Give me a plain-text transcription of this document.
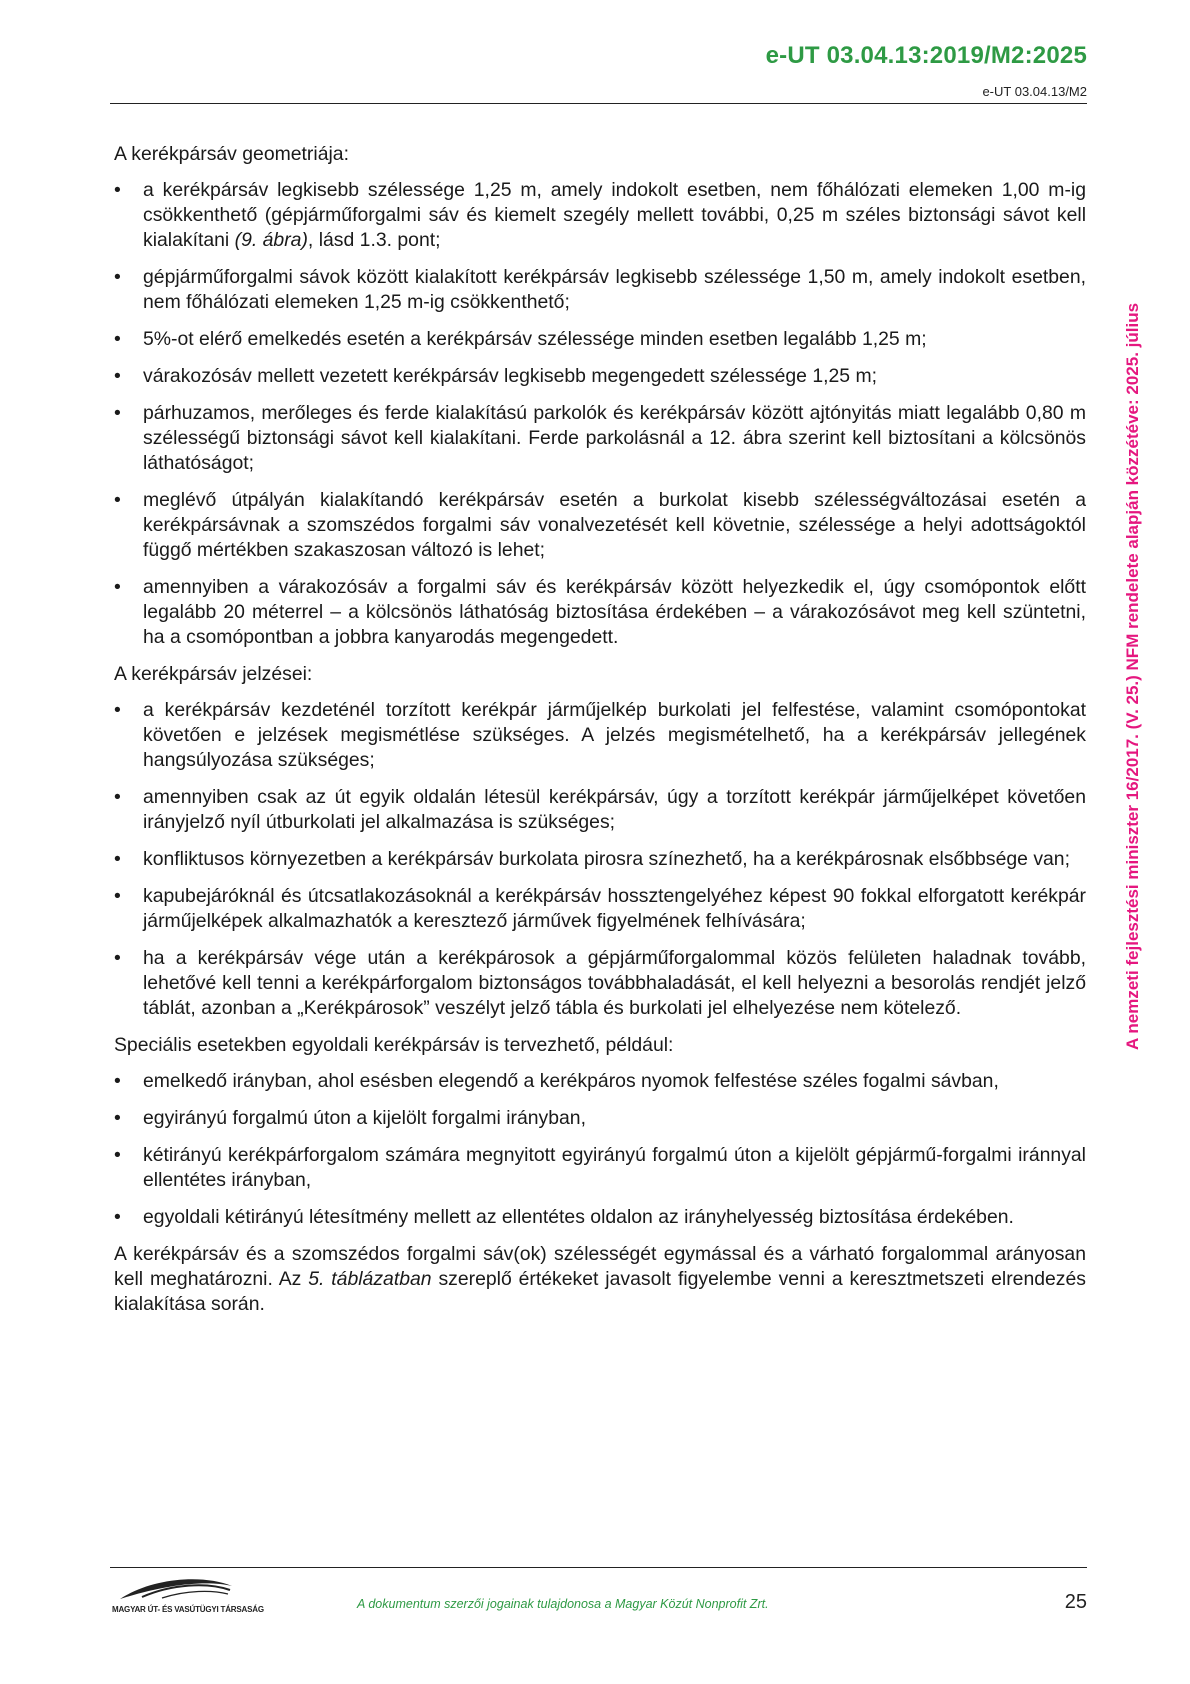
e-UT 03.04.13:2019/M2:2025
e-UT 03.04.13/M2
A nemzeti fejlesztési miniszter 16/2017. (V. 25.) NFM rendelete alapján közzétéve: 2025. július

A kerékpársáv geometriája:

• a kerékpársáv legkisebb szélessége 1,25 m, amely indokolt esetben, nem főhálózati elemeken 1,00 m-ig csökkenthető (gépjárműforgalmi sáv és kiemelt szegély mellett további, 0,25 m széles biztonsági sávot kell kialakítani (9. ábra), lásd 1.3. pont;
• gépjárműforgalmi sávok között kialakított kerékpársáv legkisebb szélessége 1,50 m, amely indokolt esetben, nem főhálózati elemeken 1,25 m-ig csökkenthető;
• 5%-ot elérő emelkedés esetén a kerékpársáv szélessége minden esetben legalább 1,25 m;
• várakozósáv mellett vezetett kerékpársáv legkisebb megengedett szélessége 1,25 m;
• párhuzamos, merőleges és ferde kialakítású parkolók és kerékpársáv között ajtónyitás miatt legalább 0,80 m szélességű biztonsági sávot kell kialakítani. Ferde parkolásnál a 12. ábra szerint kell biztosítani a kölcsönös láthatóságot;
• meglévő útpályán kialakítandó kerékpársáv esetén a burkolat kisebb szélességváltozásai esetén a kerékpársávnak a szomszédos forgalmi sáv vonalvezetését kell követnie, szélessége a helyi adottságoktól függő mértékben szakaszosan változó is lehet;
• amennyiben a várakozósáv a forgalmi sáv és kerékpársáv között helyezkedik el, úgy csomópontok előtt legalább 20 méterrel – a kölcsönös láthatóság biztosítása érdekében – a várakozósávot meg kell szüntetni, ha a csomópontban a jobbra kanyarodás megengedett.

A kerékpársáv jelzései:

• a kerékpársáv kezdeténél torzított kerékpár járműjelkép burkolati jel felfestése, valamint csomópontokat követően e jelzések megismétlése szükséges. A jelzés megismételhető, ha a kerékpársáv jellegének hangsúlyozása szükséges;
• amennyiben csak az út egyik oldalán létesül kerékpársáv, úgy a torzított kerékpár járműjelképet követően irányjelző nyíl útburkolati jel alkalmazása is szükséges;
• konfliktusos környezetben a kerékpársáv burkolata pirosra színezhető, ha a kerékpárosnak elsőbbsége van;
• kapubejáróknál és útcsatlakozásoknál a kerékpársáv hossztengelyéhez képest 90 fokkal elforgatott kerékpár járműjelképek alkalmazhatók a keresztező járművek figyelmének felhívására;
• ha a kerékpársáv vége után a kerékpárosok a gépjárműforgalommal közös felületen haladnak tovább, lehetővé kell tenni a kerékpárforgalom biztonságos továbbhaladását, el kell helyezni a besorolás rendjét jelző táblát, azonban a „Kerékpárosok” veszélyt jelző tábla és burkolati jel elhelyezése nem kötelező.

Speciális esetekben egyoldali kerékpársáv is tervezhető, például:

• emelkedő irányban, ahol esésben elegendő a kerékpáros nyomok felfestése széles fogalmi sávban,
• egyirányú forgalmú úton a kijelölt forgalmi irányban,
• kétirányú kerékpárforgalom számára megnyitott egyirányú forgalmú úton a kijelölt gépjármű-forgalmi iránnyal ellentétes irányban,
• egyoldali kétirányú létesítmény mellett az ellentétes oldalon az irányhelyesség biztosítása érdekében.

A kerékpársáv és a szomszédos forgalmi sáv(ok) szélességét egymással és a várható forgalommal arányosan kell meghatározni. Az 5. táblázatban szereplő értékeket javasolt figyelembe venni a keresztmetszeti elrendezés kialakítása során.

MAGYAR ÚT- ÉS VASÚTÜGYI TÁRSASÁG	A dokumentum szerzői jogainak tulajdonosa a Magyar Közút Nonprofit Zrt.	25
